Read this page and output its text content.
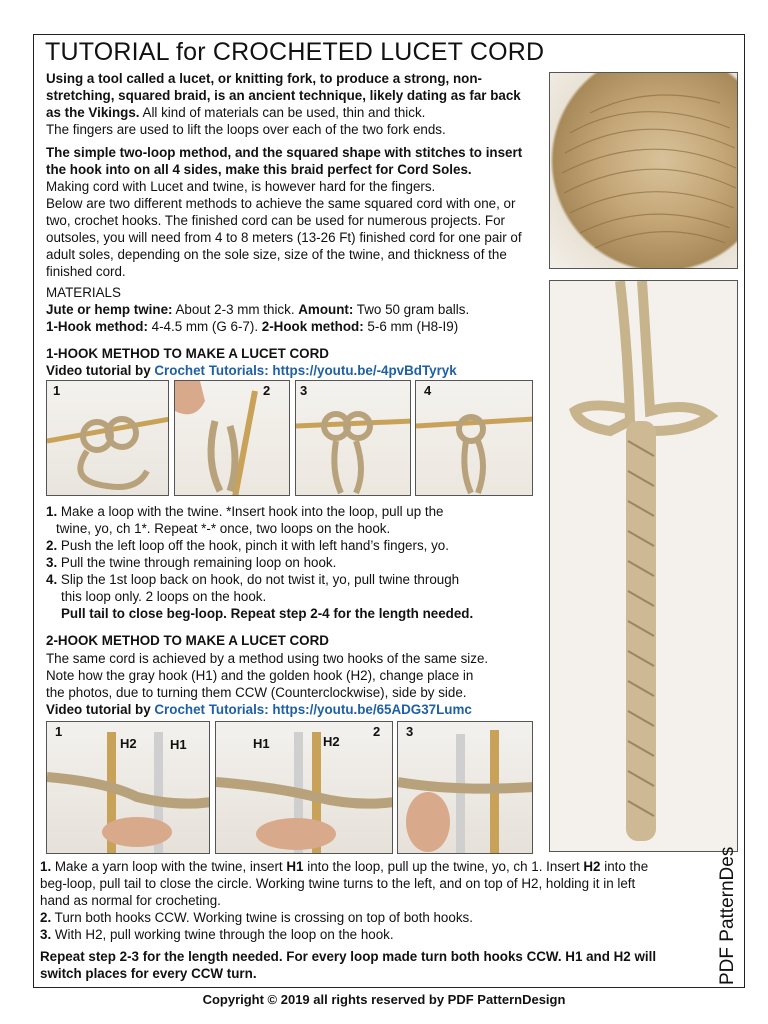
TUTORIAL for CROCHETED LUCET CORD
Using a tool called a lucet, or knitting fork, to produce a strong, non-stretching, squared braid, is an ancient technique, likely dating as far back as the Vikings. All kind of materials can be used, thin and thick.
The fingers are used to lift the loops over each of the two fork ends.
The simple two-loop method, and the squared shape with stitches to insert the hook into on all 4 sides, make this braid perfect for Cord Soles.
Making cord with Lucet and twine, is however hard for the fingers.
Below are two different methods to achieve the same squared cord with one, or two, crochet hooks. The finished cord can be used for numerous projects. For outsoles, you will need from 4 to 8 meters (13-26 Ft) finished cord for one pair of adult soles, depending on the sole size, size of the twine, and thickness of the finished cord.
MATERIALS
Jute or hemp twine: About 2-3 mm thick. Amount: Two 50 gram balls.
1-Hook method: 4-4.5 mm (G 6-7). 2-Hook method: 5-6 mm (H8-I9)
1-HOOK METHOD TO MAKE A LUCET CORD
Video tutorial by Crochet Tutorials: https://youtu.be/-4pvBdTyryk
1	2 3	4
1. Make a loop with the twine. *Insert hook into the loop, pull up the
twine, yo, ch 1*. Repeat *-* once, two loops on the hook.
2. Push the left loop off the hook, pinch it with left hand’s fingers, yo.
3. Pull the twine through remaining loop on hook.
4. Slip the 1st loop back on hook, do not twist it, yo, pull twine through
this loop only. 2 loops on the hook.
Pull tail to close beg-loop. Repeat step 2-4 for the length needed.
2-HOOK METHOD TO MAKE A LUCET CORD
The same cord is achieved by a method using two hooks of the same size.
Note how the gray hook (H1) and the golden hook (H2), change place in
the photos, due to turning them CCW (Counterclockwise), side by side.
Video tutorial by Crochet Tutorials: https://youtu.be/65ADG37Lumc
1
H2	H1
2
H1	H2
3
1. Make a yarn loop with the twine, insert H1 into the loop, pull up the twine, yo, ch 1. Insert H2 into the
beg-loop, pull tail to close the circle. Working twine turns to the left, and on top of H2, holding it in left
hand as normal for crocheting.
2. Turn both hooks CCW. Working twine is crossing on top of both hooks.
3. With H2, pull working twine through the loop on the hook.
Repeat step 2-3 for the length needed. For every loop made turn both hooks CCW. H1 and H2 will
switch places for every CCW turn.	PDF PatternDes
Copyright © 2019 all rights reserved by PDF PatternDesign
